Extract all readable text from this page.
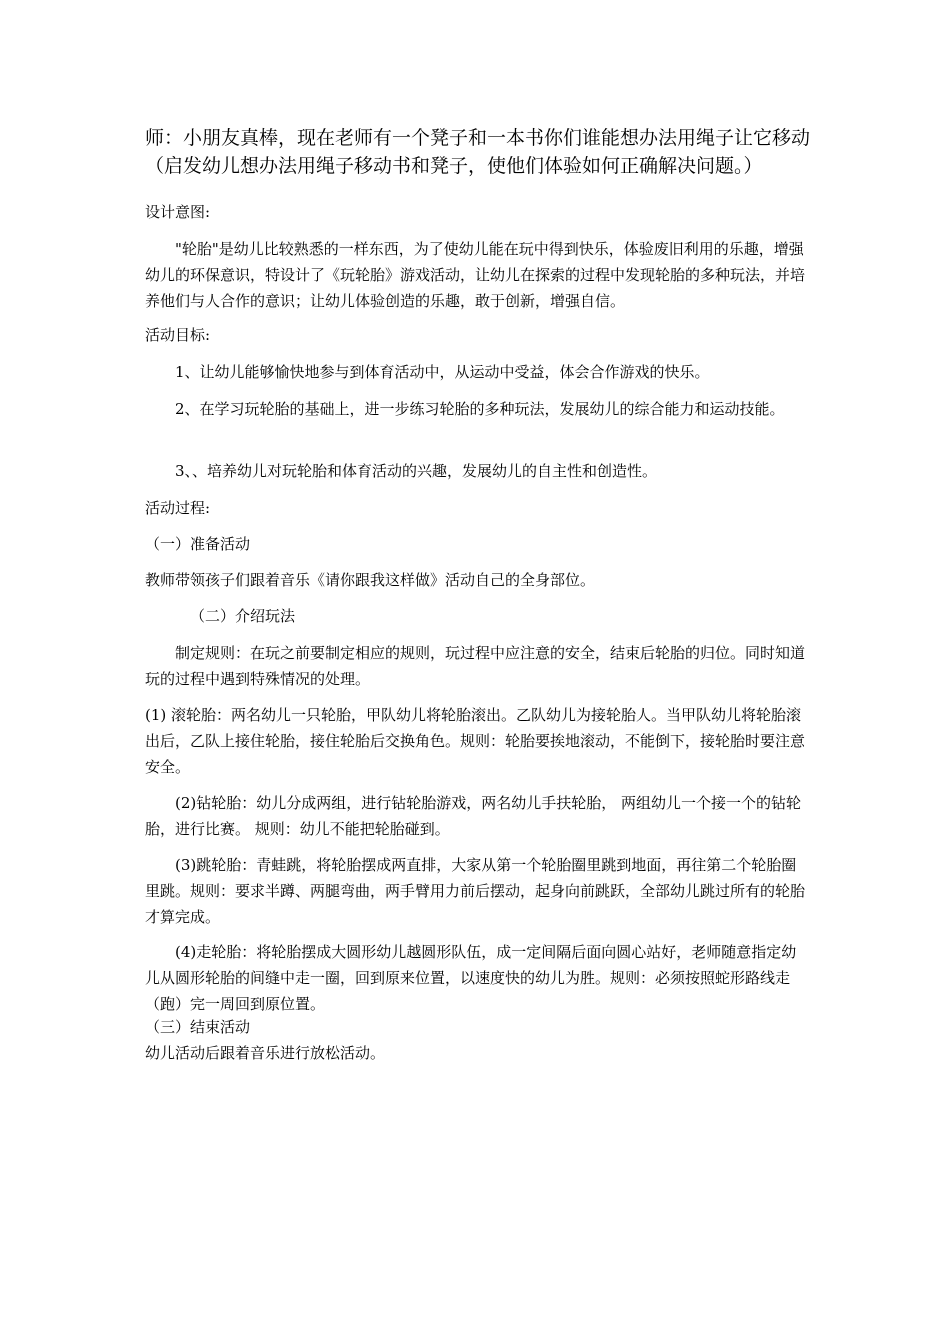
师：小朋友真棒，现在老师有一个凳子和一本书你们谁能想办法用绳子让它移动（启发幼儿想办法用绳子移动书和凳子，使他们体验如何正确解决问题。）

设计意图:

"轮胎"是幼儿比较熟悉的一样东西，为了使幼儿能在玩中得到快乐，体验废旧利用的乐趣，增强幼儿的环保意识，特设计了《玩轮胎》游戏活动，让幼儿在探索的过程中发现轮胎的多种玩法，并培养他们与人合作的意识；让幼儿体验创造的乐趣，敢于创新，增强自信。

活动目标:

1、让幼儿能够愉快地参与到体育活动中，从运动中受益，体会合作游戏的快乐。

2、在学习玩轮胎的基础上，进一步练习轮胎的多种玩法，发展幼儿的综合能力和运动技能。

3、、培养幼儿对玩轮胎和体育活动的兴趣，发展幼儿的自主性和创造性。

活动过程:

（一）准备活动

教师带领孩子们跟着音乐《请你跟我这样做》活动自己的全身部位。

（二）介绍玩法

制定规则：在玩之前要制定相应的规则，玩过程中应注意的安全，结束后轮胎的归位。同时知道玩的过程中遇到特殊情况的处理。

(1) 滚轮胎：两名幼儿一只轮胎，甲队幼儿将轮胎滚出。乙队幼儿为接轮胎人。当甲队幼儿将轮胎滚出后，乙队上接住轮胎，接住轮胎后交换角色。规则：轮胎要挨地滚动，不能倒下，接轮胎时要注意安全。

(2)钻轮胎：幼儿分成两组，进行钻轮胎游戏，两名幼儿手扶轮胎， 两组幼儿一个接一个的钻轮胎，进行比赛。 规则：幼儿不能把轮胎碰到。

(3)跳轮胎：青蛙跳，将轮胎摆成两直排，大家从第一个轮胎圈里跳到地面，再往第二个轮胎圈里跳。规则：要求半蹲、两腿弯曲，两手臂用力前后摆动，起身向前跳跃，全部幼儿跳过所有的轮胎才算完成。

(4)走轮胎：将轮胎摆成大圆形幼儿越圆形队伍，成一定间隔后面向圆心站好，老师随意指定幼儿从圆形轮胎的间缝中走一圈，回到原来位置，以速度快的幼儿为胜。规则：必须按照蛇形路线走（跑）完一周回到原位置。

（三）结束活动

幼儿活动后跟着音乐进行放松活动。
